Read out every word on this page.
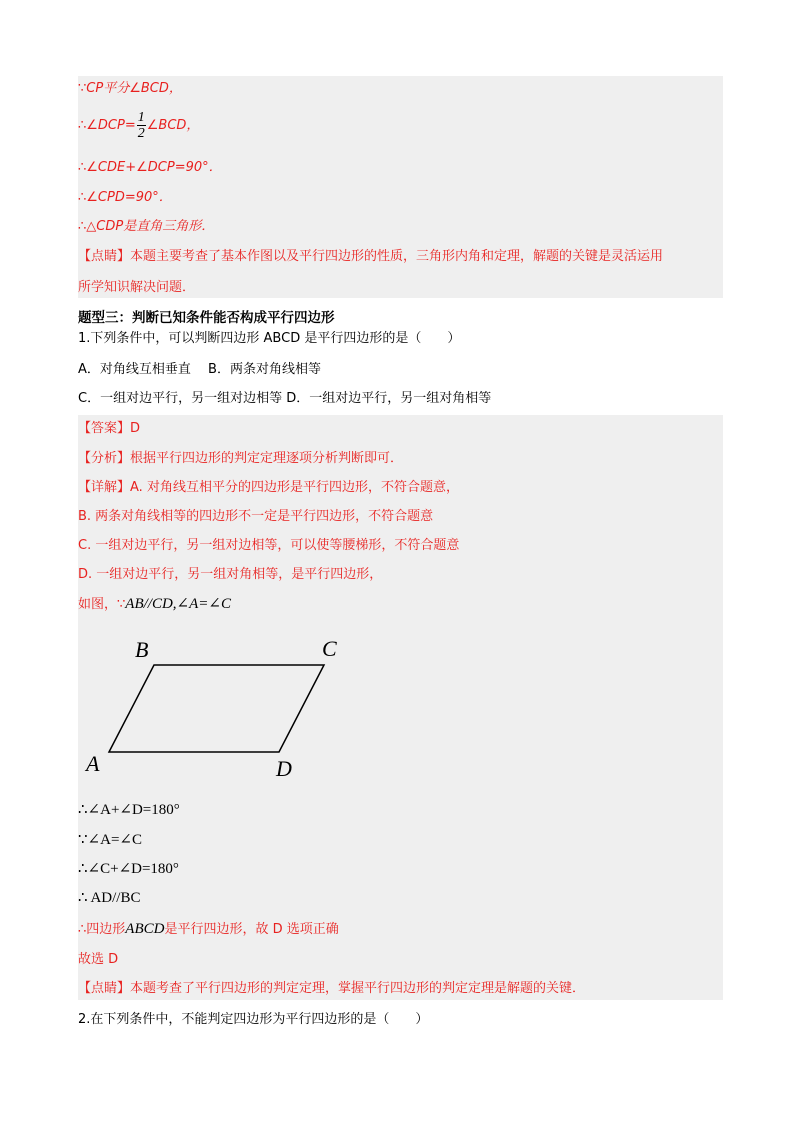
∵CP平分∠BCD，
∴∠DCP= $\frac{1}{2}$ ∠BCD，
∴∠CDE+∠DCP=90°．
∴∠CPD=90°．
∴△CDP是直角三角形．
【点睛】本题主要考查了基本作图以及平行四边形的性质，三角形内角和定理，解题的关键是灵活运用
所学知识解决问题．
题型三：判断已知条件能否构成平行四边形
1.下列条件中，可以判断四边形 ABCD 是平行四边形的是（　　）
A．对角线互相垂直　 B．两条对角线相等
C．一组对边平行，另一组对边相等 D．一组对边平行，另一组对角相等
【答案】D
【分析】根据平行四边形的判定定理逐项分析判断即可．
【详解】A. 对角线互相平分的四边形是平行四边形，不符合题意，
B. 两条对角线相等的四边形不一定是平行四边形，不符合题意
C. 一组对边平行，另一组对边相等，可以使等腰梯形，不符合题意
D. 一组对边平行，另一组对角相等，是平行四边形，
如图，∵AB//CD,∠A=∠C
B	C
A	D
∴∠A+∠D=180°
∵∠A=∠C
∴∠C+∠D=180°
∴ AD//BC
∴四边形ABCD是平行四边形，故 D 选项正确
故选 D
【点睛】本题考查了平行四边形的判定定理，掌握平行四边形的判定定理是解题的关键．
2.在下列条件中，不能判定四边形为平行四边形的是（　　）
